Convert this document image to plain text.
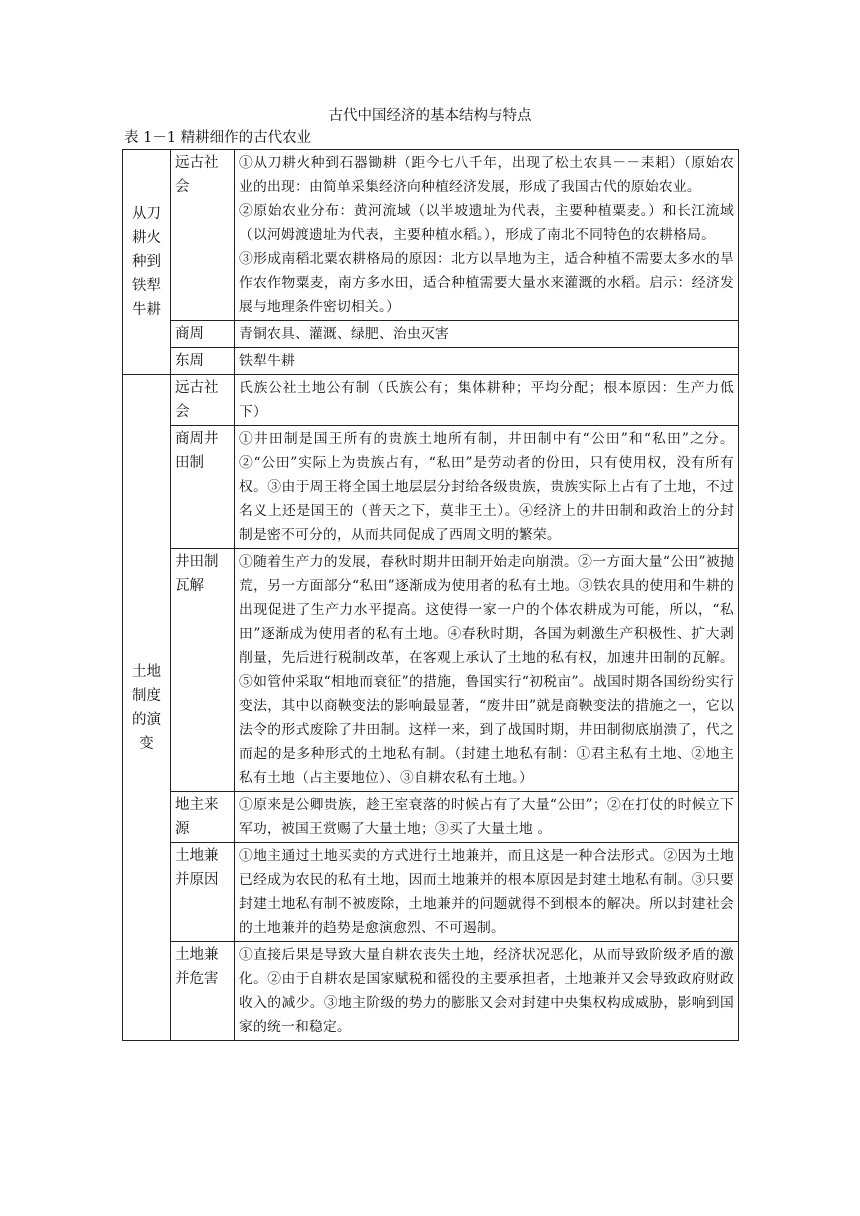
古代中国经济的基本结构与特点
表 1－1 精耕细作的古代农业
从刀耕火种到铁犁牛耕	远古社会	①从刀耕火种到石器锄耕（距今七八千年，出现了松土农具－－耒耜）（原始农业的出现：由简单采集经济向种植经济发展，形成了我国古代的原始农业。
②原始农业分布：黄河流域（以半坡遗址为代表，主要种植粟麦。）和长江流域（以河姆渡遗址为代表，主要种植水稻。），形成了南北不同特色的农耕格局。
③形成南稻北粟农耕格局的原因：北方以旱地为主，适合种植不需要太多水的旱作农作物粟麦，南方多水田，适合种植需要大量水来灌溉的水稻。启示：经济发展与地理条件密切相关。）

	商周	青铜农具、灌溉、绿肥、治虫灭害

	东周	铁犁牛耕

土地制度的演变	远古社会	氏族公社土地公有制（氏族公有；集体耕种；平均分配；根本原因：生产力低下）

	商周井田制	①井田制是国王所有的贵族土地所有制，井田制中有“公田”和“私田”之分。②“公田”实际上为贵族占有，“私田”是劳动者的份田，只有使用权，没有所有权。③由于周王将全国土地层层分封给各级贵族，贵族实际上占有了土地，不过名义上还是国王的（普天之下，莫非王土）。④经济上的井田制和政治上的分封制是密不可分的，从而共同促成了西周文明的繁荣。

	井田制瓦解	①随着生产力的发展，春秋时期井田制开始走向崩溃。②一方面大量“公田”被抛荒，另一方面部分“私田”逐渐成为使用者的私有土地。③铁农具的使用和牛耕的出现促进了生产力水平提高。这使得一家一户的个体农耕成为可能，所以，“私田”逐渐成为使用者的私有土地。④春秋时期，各国为刺激生产积极性、扩大剥削量，先后进行税制改革，在客观上承认了土地的私有权，加速井田制的瓦解。⑤如管仲采取“相地而衰征”的措施，鲁国实行“初税亩”。战国时期各国纷纷实行变法，其中以商鞅变法的影响最显著，“废井田”就是商鞅变法的措施之一，它以法令的形式废除了井田制。这样一来，到了战国时期，井田制彻底崩溃了，代之而起的是多种形式的土地私有制。（封建土地私有制：①君主私有土地、②地主私有土地（占主要地位）、③自耕农私有土地。）

	地主来源	①原来是公卿贵族，趁王室衰落的时候占有了大量“公田”；②在打仗的时候立下军功，被国王赏赐了大量土地；③买了大量土地 。

	土地兼并原因	①地主通过土地买卖的方式进行土地兼并，而且这是一种合法形式。②因为土地已经成为农民的私有土地，因而土地兼并的根本原因是封建土地私有制。③只要封建土地私有制不被废除，土地兼并的问题就得不到根本的解决。所以封建社会的土地兼并的趋势是愈演愈烈、不可遏制。

	土地兼并危害	①直接后果是导致大量自耕农丧失土地，经济状况恶化，从而导致阶级矛盾的激化。②由于自耕农是国家赋税和徭役的主要承担者，土地兼并又会导致政府财政收入的减少。③地主阶级的势力的膨胀又会对封建中央集权构成威胁，影响到国家的统一和稳定。
